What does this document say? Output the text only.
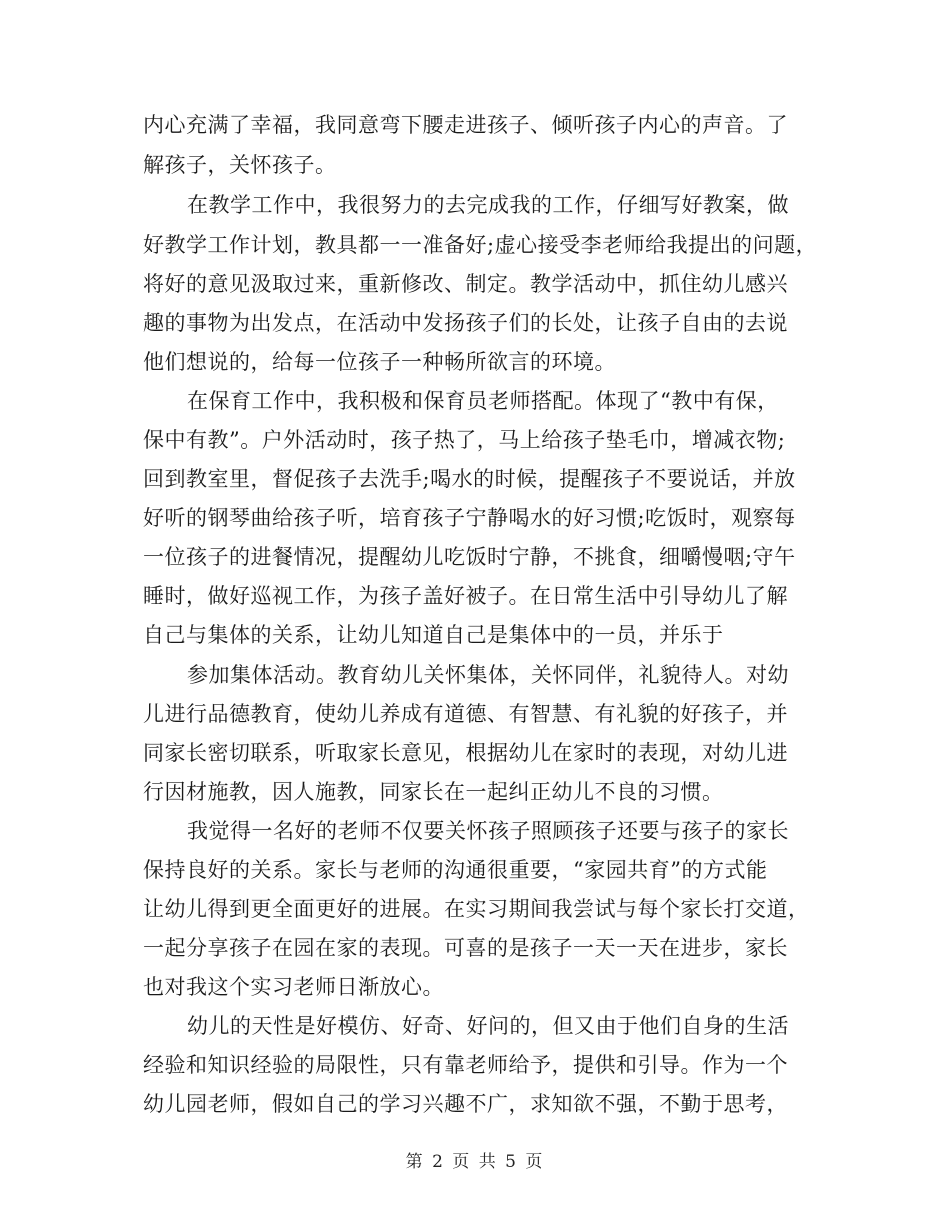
内心充满了幸福，我同意弯下腰走进孩子、倾听孩子内心的声音。了
解孩子，关怀孩子。
在教学工作中，我很努力的去完成我的工作，仔细写好教案，做
好教学工作计划，教具都一一准备好;虚心接受李老师给我提出的问题，
将好的意见汲取过来，重新修改、制定。教学活动中，抓住幼儿感兴
趣的事物为出发点，在活动中发扬孩子们的长处，让孩子自由的去说
他们想说的，给每一位孩子一种畅所欲言的环境。
在保育工作中，我积极和保育员老师搭配。体现了“教中有保，
保中有教”。户外活动时，孩子热了，马上给孩子垫毛巾，增减衣物;
回到教室里，督促孩子去洗手;喝水的时候，提醒孩子不要说话，并放
好听的钢琴曲给孩子听，培育孩子宁静喝水的好习惯;吃饭时，观察每
一位孩子的进餐情况，提醒幼儿吃饭时宁静，不挑食，细嚼慢咽;守午
睡时，做好巡视工作，为孩子盖好被子。在日常生活中引导幼儿了解
自己与集体的关系，让幼儿知道自己是集体中的一员，并乐于
参加集体活动。教育幼儿关怀集体，关怀同伴，礼貌待人。对幼
儿进行品德教育，使幼儿养成有道德、有智慧、有礼貌的好孩子，并
同家长密切联系，听取家长意见，根据幼儿在家时的表现，对幼儿进
行因材施教，因人施教，同家长在一起纠正幼儿不良的习惯。
我觉得一名好的老师不仅要关怀孩子照顾孩子还要与孩子的家长
保持良好的关系。家长与老师的沟通很重要，“家园共育”的方式能
让幼儿得到更全面更好的进展。在实习期间我尝试与每个家长打交道，
一起分享孩子在园在家的表现。可喜的是孩子一天一天在进步，家长
也对我这个实习老师日渐放心。
幼儿的天性是好模仿、好奇、好问的，但又由于他们自身的生活
经验和知识经验的局限性，只有靠老师给予，提供和引导。作为一个
幼儿园老师，假如自己的学习兴趣不广，求知欲不强，不勤于思考，
第 2 页 共 5 页
